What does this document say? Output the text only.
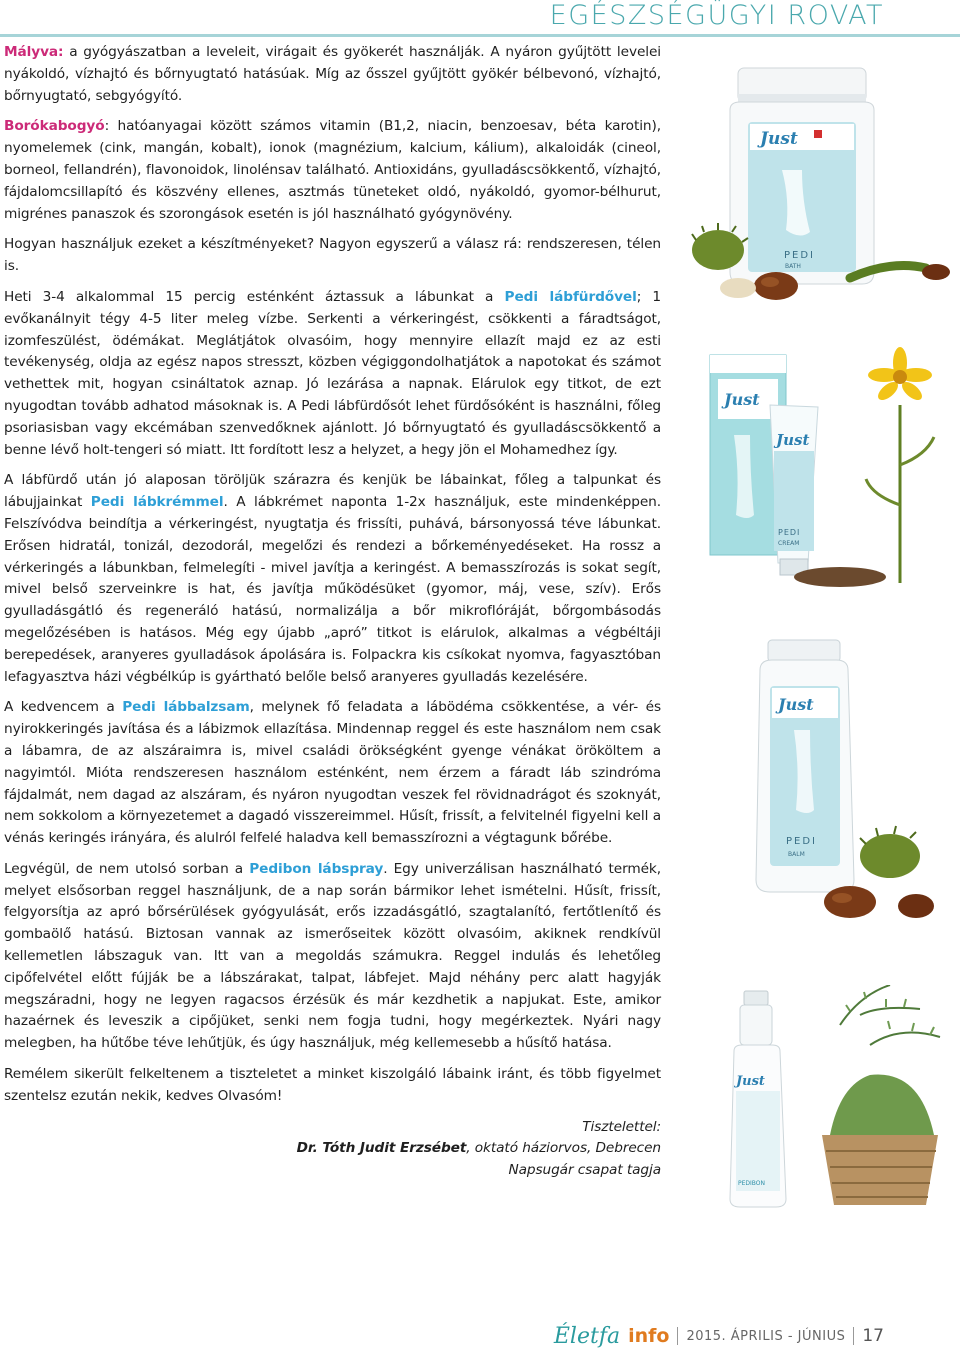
EGÉSZSÉGÜGYI ROVAT

Mályva: a gyógyászatban a leveleit, virágait és gyökerét használják. A nyáron gyűjtött levelei nyákoldó, vízhajtó és bőrnyugtató hatásúak. Míg az ősszel gyűjtött gyökér bélbevonó, vízhajtó, bőrnyugtató, sebgyógyító.

Borókabogyó: hatóanyagai között számos vitamin (B1,2, niacin, benzoesav, béta karotin), nyomelemek (cink, mangán, kobalt), ionok (magnézium, kalcium, kálium), alkaloidák (cineol, borneol, fellandrén), flavonoidok, linolénsav található. Antioxidáns, gyulladáscsökkentő, vízhajtó, fájdalomcsillapító és köszvény ellenes, asztmás tüneteket oldó, nyákoldó, gyomor-bélhurut, migrénes panaszok és szorongások esetén is jól használható gyógynövény.

Hogyan használjuk ezeket a készítményeket? Nagyon egyszerű a válasz rá: rendszeresen, télen is.

Heti 3-4 alkalommal 15 percig esténként áztassuk a lábunkat a Pedi lábfürdővel; 1 evőkanálnyit tégy 4-5 liter meleg vízbe. Serkenti a vérkeringést, csökkenti a fáradtságot, izomfeszülést, ödémákat. Meglátjátok olvasóim, hogy mennyire ellazít majd ez az esti tevékenység, oldja az egész napos stresszt, közben végiggondolhatjátok a napotokat és számot vethettek mit, hogyan csináltatok aznap. Jó lezárása a napnak. Elárulok egy titkot, de ezt nyugodtan tovább adhatod másoknak is. A Pedi lábfürdősót lehet fürdősóként is használni, főleg psoriasisban vagy ekcémában szenvedőknek ajánlott. Jó bőrnyugtató és gyulladáscsökkentő a benne lévő holt-tengeri só miatt. Itt fordított lesz a helyzet, a hegy jön el Mohamedhez így.

A lábfürdő után jó alaposan töröljük szárazra és kenjük be lábainkat, főleg a talpunkat és lábujjainkat Pedi lábkrémmel. A lábkrémet naponta 1-2x használjuk, este mindenképpen. Felszívódva beindítja a vérkeringést, nyugtatja és frissíti, puhává, bársonyossá téve lábunkat. Erősen hidratál, tonizál, dezodorál, megelőzi és rendezi a bőrkeményedéseket. Ha rossz a vérkeringés a lábunkban, felmelegíti - mivel javítja a keringést. A bemasszírozás is sokat segít, mivel belső szerveinkre is hat, és javítja működésüket (gyomor, máj, vese, szív). Erős gyulladásgátló és regeneráló hatású, normalizálja a bőr mikroflóráját, bőrgombásodás megelőzésében is hatásos. Még egy újabb „apró” titkot is elárulok, alkalmas a végbéltáji berepedések, aranyeres gyulladások ápolására is. Folpackra kis csíkokat nyomva, fagyasztóban lefagyasztva házi végbélkúp is gyártható belőle belső aranyeres gyulladás kezelésére.

A kedvencem a Pedi lábbalzsam, melynek fő feladata a lábödéma csökkentése, a vér- és nyirokkeringés javítása és a lábizmok ellazítása. Mindennap reggel és este használom nem csak a lábamra, de az alszáraimra is, mivel családi örökségként gyenge vénákat örököltem a nagyimtól. Mióta rendszeresen használom esténként, nem érzem a fáradt láb szindróma fájdalmát, nem dagad az alszáram, és nyáron nyugodtan veszek fel rövidnadrágot és szoknyát, nem sokkolom a környezetemet a dagadó visszereimmel. Hűsít, frissít, a felvitelnél figyelni kell a vénás keringés irányára, és alulról felfelé haladva kell bemasszírozni a végtagunk bőrébe.

Legvégül, de nem utolsó sorban a Pedibon lábspray. Egy univerzálisan használható termék, melyet elsősorban reggel használjunk, de a nap során bármikor lehet ismételni. Hűsít, frissít, felgyorsítja az apró bőrsérülések gyógyulását, erős izzadásgátló, szagtalanító, fertőtlenítő és gombaölő hatású. Biztosan vannak az ismerőseitek között olvasóim, akiknek rendkívül kellemetlen lábszaguk van. Itt van a megoldás számukra. Reggel indulás és lehetőleg cipőfelvétel előtt fújják be a lábszárakat, talpat, lábfejet. Majd néhány perc alatt hagyják megszáradni, hogy ne legyen ragacsos érzésük és már kezdhetik a napjukat. Este, amikor hazaérnek és leveszik a cipőjüket, senki nem fogja tudni, hogy megérkeztek. Nyári nagy melegben, ha hűtőbe téve lehűtjük, és úgy használjuk, még kellemesebb a hűsítő hatása.

Remélem sikerült felkeltenem a tiszteletet a minket kiszolgáló lábaink iránt, és több figyelmet szentelsz ezután nekik, kedves Olvasóm!

Tisztelettel:
Dr. Tóth Judit Erzsébet, oktató háziorvos, Debrecen
Napsugár csapat tagja
Just
PEDI
BATH
Just
Just
PEDI
CREAM
Just
PEDI
BALM
Just
PEDIBON
Életfa info 2015. ÁPRILIS - JÚNIUS 17
